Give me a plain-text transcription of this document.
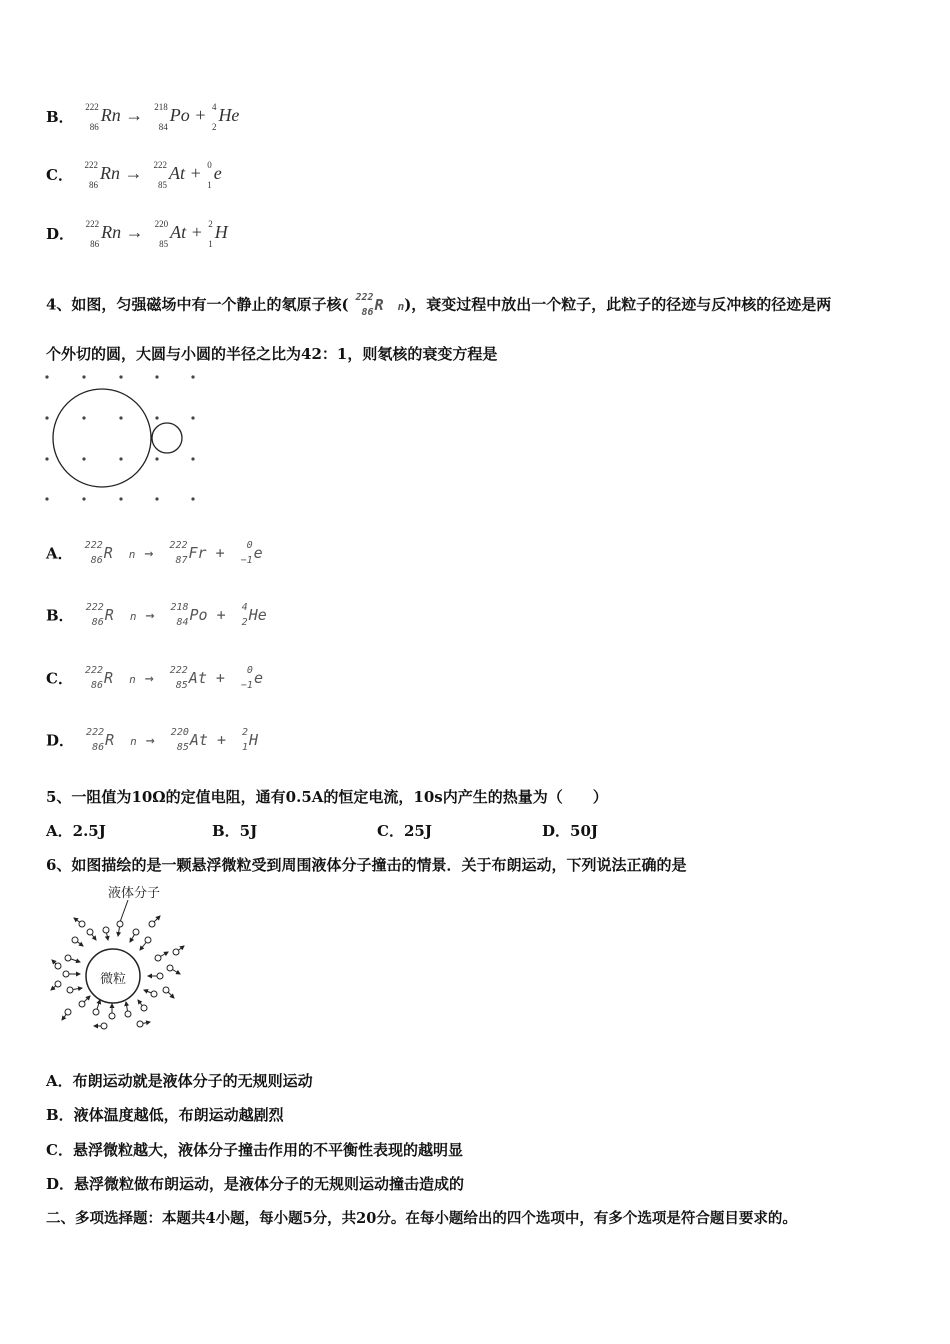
B．
222
86
Rn → 218
84
Po + 4
2
He
C．
222
86
Rn → 222
85
At + 0
1
e
D．
222
86
Rn → 220
85
At + 2
1
H
4、如图，匀强磁场中有一个静止的氡原子核( 222
86 R n)，衰变过程中放出一个粒子，此粒子的径迹与反冲核的径迹是两
个外切的圆，大圆与小圆的半径之比为42：1，则氡核的衰变方程是
A． 222
86 R n → 222
87 Fr + 0
−1 e
B． 222
86 R n → 218
84 Po + 4
2 He
C． 222
86 R n → 222
85 At + 0
−1 e
D． 222
86 R n → 220
85 At + 2
1 H
5、一阻值为10Ω的定值电阻，通有0.5A的恒定电流，10s内产生的热量为（　　）
A．2.5J	B．5J	C．25J	D．50J
6、如图描绘的是一颗悬浮微粒受到周围液体分子撞击的情景．关于布朗运动，下列说法正确的是
液体分子
微粒
A．布朗运动就是液体分子的无规则运动
B．液体温度越低，布朗运动越剧烈
C．悬浮微粒越大，液体分子撞击作用的不平衡性表现的越明显
D．悬浮微粒做布朗运动，是液体分子的无规则运动撞击造成的
二、多项选择题：本题共4小题，每小题5分，共20分。在每小题给出的四个选项中，有多个选项是符合题目要求的。
